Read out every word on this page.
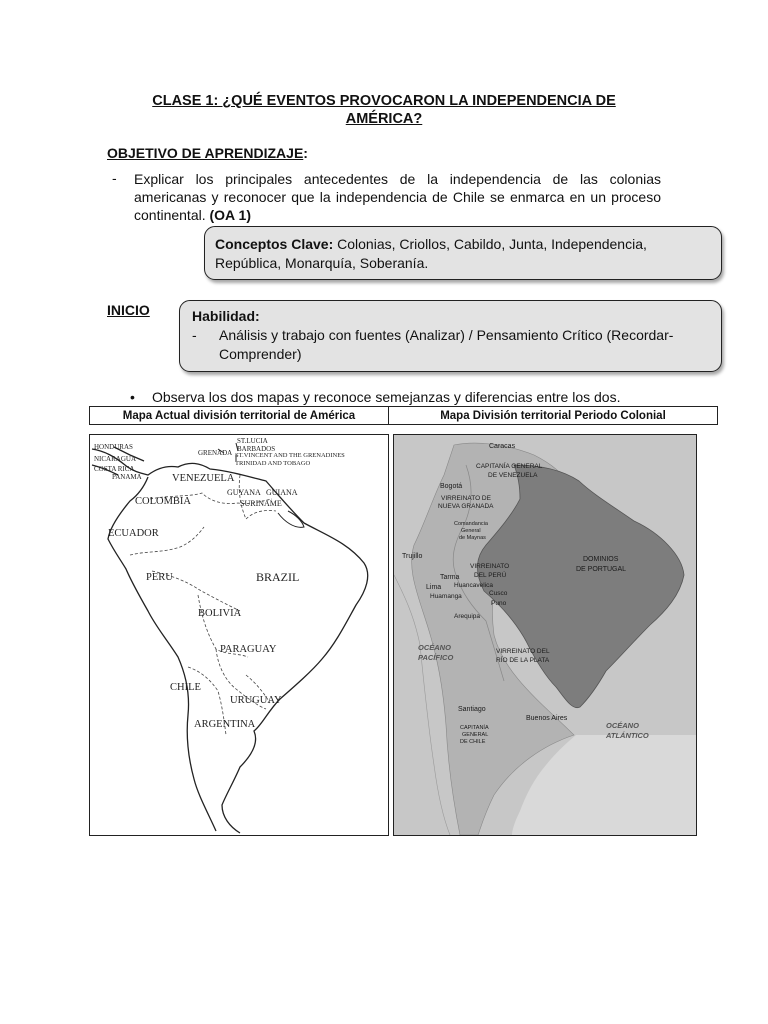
CLASE 1: ¿QUÉ EVENTOS PROVOCARON LA INDEPENDENCIA DE
AMÉRICA?
OBJETIVO DE APRENDIZAJE:
- Explicar los principales antecedentes de la independencia de las colonias americanas y reconocer que la independencia de Chile se enmarca en un proceso continental. (OA 1)
Conceptos Clave: Colonias, Criollos, Cabildo, Junta, Independencia, República, Monarquía, Soberanía.
INICIO	Habilidad:
-	Análisis y trabajo con fuentes (Analizar) / Pensamiento Crítico (Recordar-Comprender)
• Observa los dos mapas y reconoce semejanzas y diferencias entre los dos.
Mapa Actual división territorial de América	Mapa División territorial Periodo Colonial
ST.LUCIA
BARBADOS
HONDURAS
NICARAGUA
GRENADA ST.VINCENT AND THE GRENADINES
TRINIDAD AND TOBAGO
COSTA RICA
PANAMA	VENEZUELA
GUYANA GUIANA
SURINAME
COLOMBIA
ECUADOR
PERU	BRAZIL
BOLIVIA
PARAGUAY
CHILE
URUGUAY
ARGENTINA
Caracas
CAPITANÍA GENERAL
DE VENEZUELA
Bogotá
VIRREINATO DE
NUEVA GRANADA
Comandancia
General
de Maynas
Trujillo
VIRREINATO
DEL PERÚ
Tarma
Huancavelica
Lima
Cusco
Huamanga
Puno
Arequipa
DOMINIOS
DE PORTUGAL
OCÉANO
PACÍFICO
VIRREINATO DEL
RÍO DE LA PLATA
Santiago
Buenos Aires
OCÉANO
ATLÁNTICO
CAPITANÍA
GENERAL
DE CHILE
